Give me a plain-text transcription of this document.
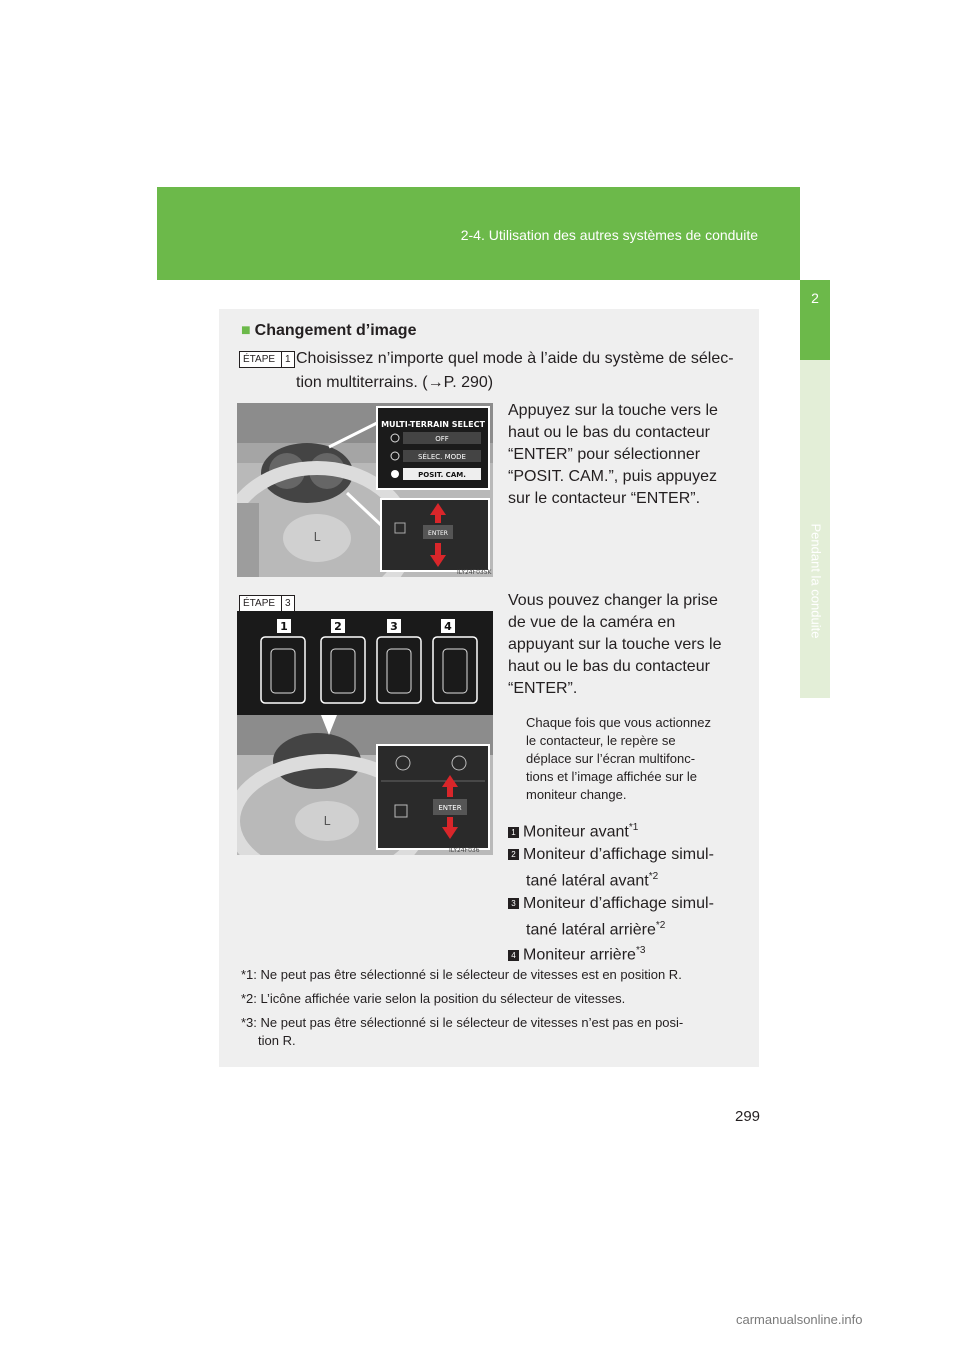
2-4. Utilisation des autres systèmes de conduite
2
Pendant la conduite
■ Changement d’image
ÉTAPE 1 Choisissez n’importe quel mode à l’aide du système de sélec-
tion multiterrains. (→P. 290)
Appuyez sur la touche vers le
haut ou le bas du contacteur
“ENTER” pour sélectionner
“POSIT. CAM.”, puis appuyez
sur le contacteur “ENTER”.
L
MULTI-TERRAIN SELECT
OFF
SÉLEC. MODE
POSIT. CAM.
ENTER
ILY24F035K
ÉTAPE 3	Vous pouvez changer la prise
de vue de la caméra en
appuyant sur la touche vers le
haut ou le bas du contacteur
“ENTER”.
1	2	3	4
L
ENTER
ILY24F036
Chaque fois que vous actionnez
le contacteur, le repère se
déplace sur l’écran multifonc-
tions et l’image affichée sur le
moniteur change.
1 Moniteur avant$^{*1}$
2 Moniteur d’affichage simul-
tané latéral avant$^{*2}$
3 Moniteur d’affichage simul-
tané latéral arrière$^{*2}$
4 Moniteur arrière$^{*3}$
*1: Ne peut pas être sélectionné si le sélecteur de vitesses est en position R.
*2: L’icône affichée varie selon la position du sélecteur de vitesses.
*3: Ne peut pas être sélectionné si le sélecteur de vitesses n’est pas en posi-
tion R.
299
carmanualsonline.info
